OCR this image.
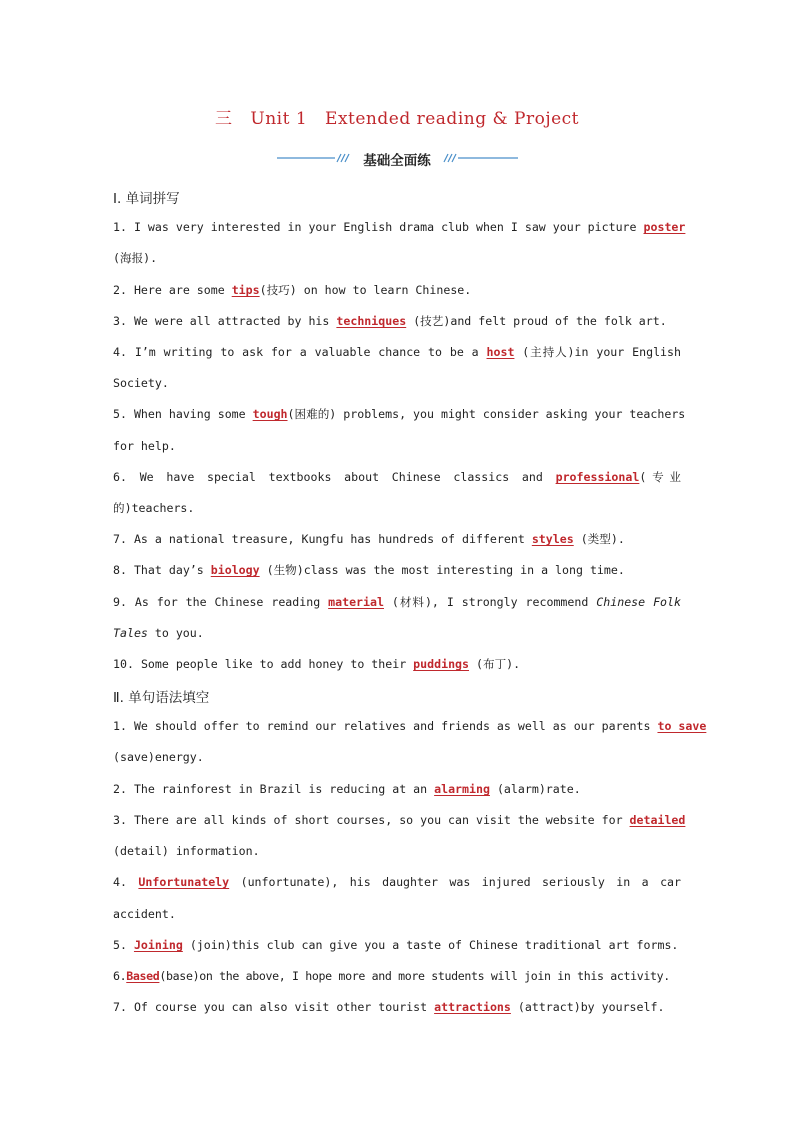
三 Unit 1 Extended reading & Project
基础全面练
Ⅰ. 单词拼写
1. I was very interested in your English drama club when I saw your picture poster
(海报).
2. Here are some tips(技巧) on how to learn Chinese.
3. We were all attracted by his techniques (技艺)and felt proud of the folk art.
4. I’m writing to ask for a valuable chance to be a host (主持人)in your English
Society.
5. When having some tough(困难的) problems, you might consider asking your teachers
for help.
6. We have special textbooks about Chinese classics and professional(专业
的)teachers.
7. As a national treasure, Kungfu has hundreds of different styles (类型).
8. That day’s biology (生物)class was the most interesting in a long time.
9. As for the Chinese reading material (材料), I strongly recommend Chinese Folk
Tales to you.
10. Some people like to add honey to their puddings (布丁).
Ⅱ. 单句语法填空
1. We should offer to remind our relatives and friends as well as our parents to save
(save)energy.
2. The rainforest in Brazil is reducing at an alarming (alarm)rate.
3. There are all kinds of short courses, so you can visit the website for detailed
(detail) information.
4. Unfortunately (unfortunate), his daughter was injured seriously in a car
accident.
5. Joining (join)this club can give you a taste of Chinese traditional art forms.
6.Based(base)on the above, I hope more and more students will join in this activity.
7. Of course you can also visit other tourist attractions (attract)by yourself.
